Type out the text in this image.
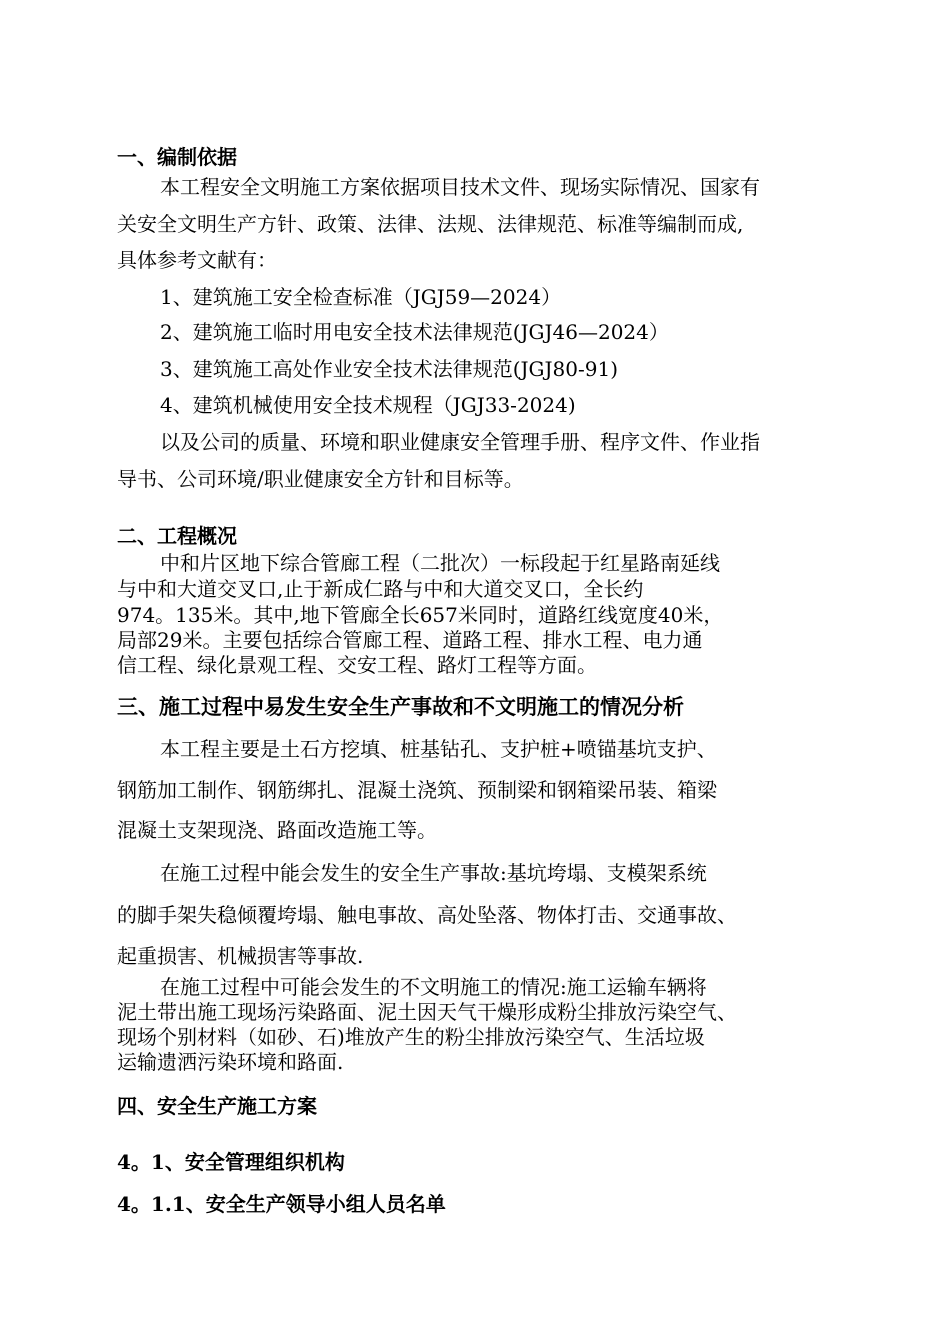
一、编制依据
本工程安全文明施工方案依据项目技术文件、现场实际情况、国家有
关安全文明生产方针、政策、法律、法规、法律规范、标准等编制而成,
具体参考文献有：
1、建筑施工安全检查标准（JGJ59—2024）
2、建筑施工临时用电安全技术法律规范(JGJ46—2024）
3、建筑施工高处作业安全技术法律规范(JGJ80-91)
4、建筑机械使用安全技术规程（JGJ33-2024)
以及公司的质量、环境和职业健康安全管理手册、程序文件、作业指
导书、公司环境/职业健康安全方针和目标等。
二、工程概况
中和片区地下综合管廊工程（二批次）一标段起于红星路南延线
与中和大道交叉口,止于新成仁路与中和大道交叉口，全长约
974。135米。其中,地下管廊全长657米同时，道路红线宽度40米，
局部29米。主要包括综合管廊工程、道路工程、排水工程、电力通
信工程、绿化景观工程、交安工程、路灯工程等方面。
三、施工过程中易发生安全生产事故和不文明施工的情况分析
本工程主要是土石方挖填、桩基钻孔、支护桩+喷锚基坑支护、
钢筋加工制作、钢筋绑扎、混凝土浇筑、预制梁和钢箱梁吊装、箱梁
混凝土支架现浇、路面改造施工等。
在施工过程中能会发生的安全生产事故:基坑垮塌、支模架系统
的脚手架失稳倾覆垮塌、触电事故、高处坠落、物体打击、交通事故、
起重损害、机械损害等事故.
在施工过程中可能会发生的不文明施工的情况:施工运输车辆将
泥土带出施工现场污染路面、泥土因天气干燥形成粉尘排放污染空气、
现场个别材料（如砂、石)堆放产生的粉尘排放污染空气、生活垃圾
运输遗洒污染环境和路面.
四、安全生产施工方案
4。1、安全管理组织机构
4。1.1、安全生产领导小组人员名单
